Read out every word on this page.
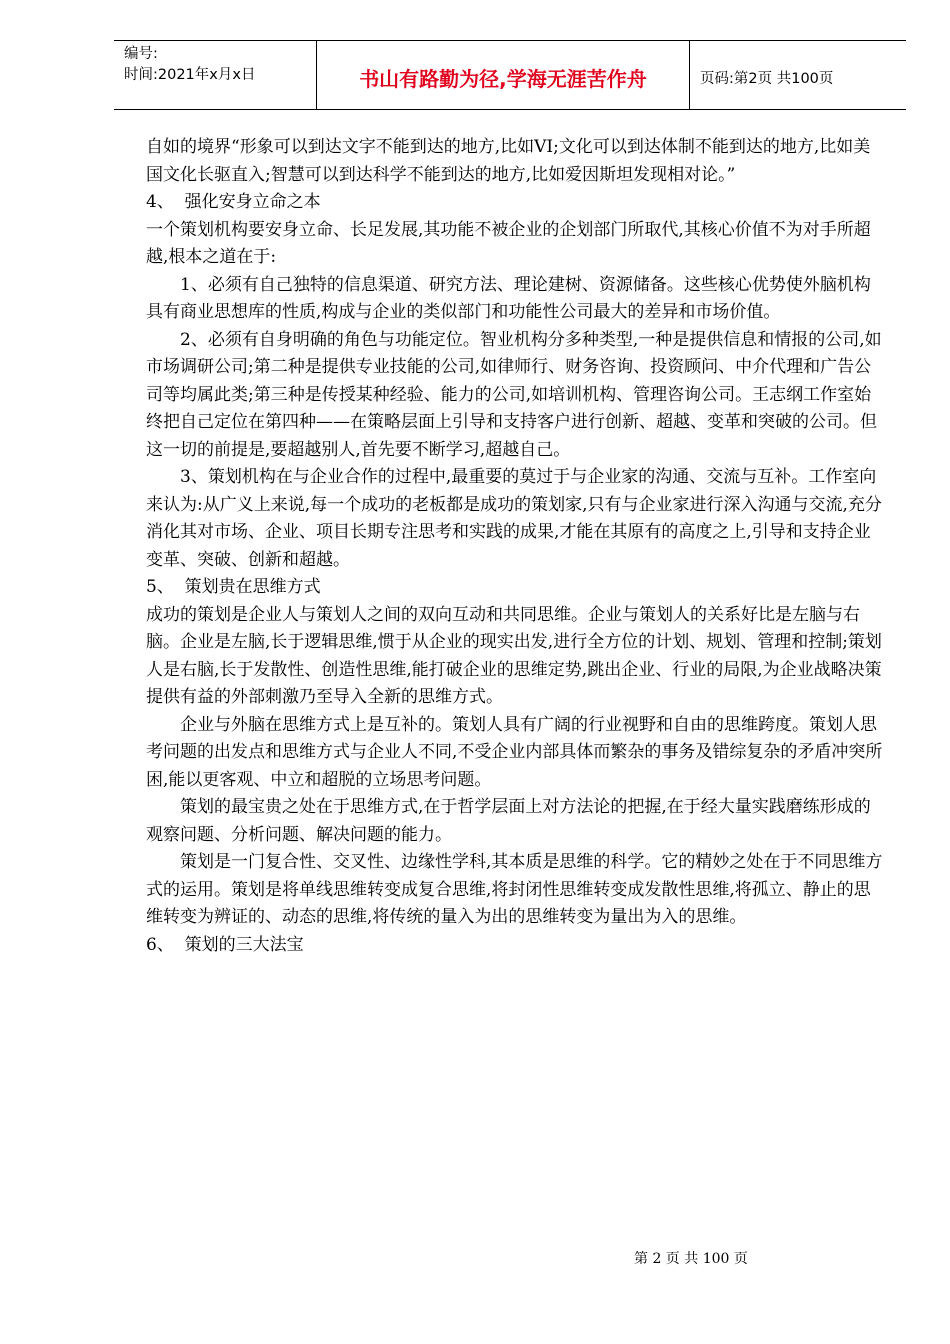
编号:
时间:2021年x月x日	书山有路勤为径,学海无涯苦作舟	页码:第2页 共100页

自如的境界“形象可以到达文字不能到达的地方,比如VI;文化可以到达体制不能到达的地方,比如美国文化长驱直入;智慧可以到达科学不能到达的地方,比如爱因斯坦发现相对论。”

4、  强化安身立命之本

一个策划机构要安身立命、长足发展,其功能不被企业的企划部门所取代,其核心价值不为对手所超越,根本之道在于:

1、必须有自己独特的信息渠道、研究方法、理论建树、资源储备。这些核心优势使外脑机构具有商业思想库的性质,构成与企业的类似部门和功能性公司最大的差异和市场价值。

2、必须有自身明确的角色与功能定位。智业机构分多种类型,一种是提供信息和情报的公司,如市场调研公司;第二种是提供专业技能的公司,如律师行、财务咨询、投资顾问、中介代理和广告公司等均属此类;第三种是传授某种经验、能力的公司,如培训机构、管理咨询公司。王志纲工作室始终把自己定位在第四种——在策略层面上引导和支持客户进行创新、超越、变革和突破的公司。但这一切的前提是,要超越别人,首先要不断学习,超越自己。

3、策划机构在与企业合作的过程中,最重要的莫过于与企业家的沟通、交流与互补。工作室向来认为:从广义上来说,每一个成功的老板都是成功的策划家,只有与企业家进行深入沟通与交流,充分消化其对市场、企业、项目长期专注思考和实践的成果,才能在其原有的高度之上,引导和支持企业变革、突破、创新和超越。

5、  策划贵在思维方式

成功的策划是企业人与策划人之间的双向互动和共同思维。企业与策划人的关系好比是左脑与右脑。企业是左脑,长于逻辑思维,惯于从企业的现实出发,进行全方位的计划、规划、管理和控制;策划人是右脑,长于发散性、创造性思维,能打破企业的思维定势,跳出企业、行业的局限,为企业战略决策提供有益的外部刺激乃至导入全新的思维方式。

企业与外脑在思维方式上是互补的。策划人具有广阔的行业视野和自由的思维跨度。策划人思考问题的出发点和思维方式与企业人不同,不受企业内部具体而繁杂的事务及错综复杂的矛盾冲突所困,能以更客观、中立和超脱的立场思考问题。

策划的最宝贵之处在于思维方式,在于哲学层面上对方法论的把握,在于经大量实践磨练形成的观察问题、分析问题、解决问题的能力。

策划是一门复合性、交叉性、边缘性学科,其本质是思维的科学。它的精妙之处在于不同思维方式的运用。策划是将单线思维转变成复合思维,将封闭性思维转变成发散性思维,将孤立、静止的思维转变为辨证的、动态的思维,将传统的量入为出的思维转变为量出为入的思维。

6、  策划的三大法宝

第 2 页 共 100 页
